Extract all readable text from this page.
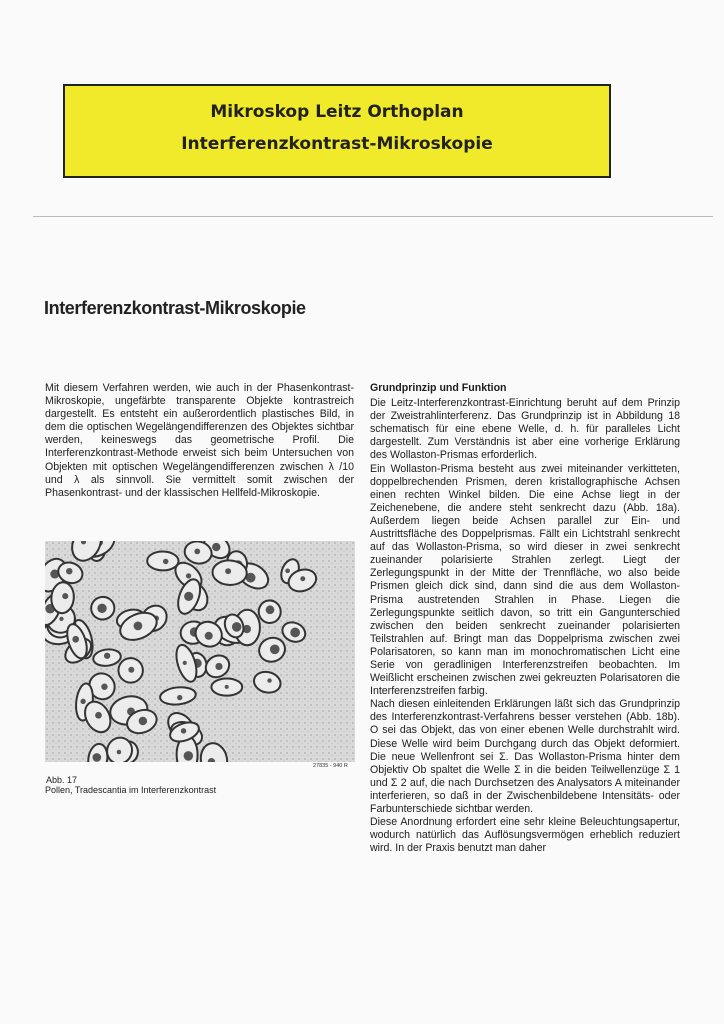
Mikroskop Leitz Orthoplan
Interferenzkontrast-Mikroskopie
Interferenzkontrast-Mikroskopie

Mit diesem Verfahren werden, wie auch in der Phasenkontrast-Mikroskopie, ungefärbte transparente Objekte kontrastreich dargestellt. Es entsteht ein außerordentlich plastisches Bild, in dem die optischen Wegelängendifferenzen des Objektes sichtbar werden, keineswegs das geometrische Profil. Die Interferenzkontrast-Methode erweist sich beim Untersuchen von Objekten mit optischen Wegelängendifferenzen zwischen λ /10 und λ als sinnvoll. Sie vermittelt somit zwischen der Phasenkontrast- und der klassischen Hellfeld-Mikroskopie.

27835 - 940 R
Abb. 17
Pollen, Tradescantia im Interferenzkontrast
Grundprinzip und Funktion

Die Leitz-Interferenzkontrast-Einrichtung beruht auf dem Prinzip der Zweistrahlinterferenz. Das Grundprinzip ist in Abbildung 18 schematisch für eine ebene Welle, d. h. für paralleles Licht dargestellt. Zum Verständnis ist aber eine vorherige Erklärung des Wollaston-Prismas erforderlich.

Ein Wollaston-Prisma besteht aus zwei miteinander verkitteten, doppelbrechenden Prismen, deren kristallographische Achsen einen rechten Winkel bilden. Die eine Achse liegt in der Zeichenebene, die andere steht senkrecht dazu (Abb. 18a). Außerdem liegen beide Achsen parallel zur Ein- und Austrittsfläche des Doppelprismas. Fällt ein Lichtstrahl senkrecht auf das Wollaston-Prisma, so wird dieser in zwei senkrecht zueinander polarisierte Strahlen zerlegt. Liegt der Zerlegungspunkt in der Mitte der Trennfläche, wo also beide Prismen gleich dick sind, dann sind die aus dem Wollaston-Prisma austretenden Strahlen in Phase. Liegen die Zerlegungspunkte seitlich davon, so tritt ein Gangunterschied zwischen den beiden senkrecht zueinander polarisierten Teilstrahlen auf. Bringt man das Doppelprisma zwischen zwei Polarisatoren, so kann man im monochromatischen Licht eine Serie von geradlinigen Interferenzstreifen beobachten. Im Weißlicht erscheinen zwischen zwei gekreuzten Polarisatoren die Interferenzstreifen farbig.

Nach diesen einleitenden Erklärungen läßt sich das Grundprinzip des Interferenzkontrast-Verfahrens besser verstehen (Abb. 18b). O sei das Objekt, das von einer ebenen Welle durchstrahlt wird. Diese Welle wird beim Durchgang durch das Objekt deformiert. Die neue Wellenfront sei Σ. Das Wollaston-Prisma hinter dem Objektiv Ob spaltet die Welle Σ in die beiden Teilwellenzüge Σ 1 und Σ 2 auf, die nach Durchsetzen des Analysators A miteinander interferieren, so daß in der Zwischenbildebene Intensitäts- oder Farbunterschiede sichtbar werden.

Diese Anordnung erfordert eine sehr kleine Beleuchtungsapertur, wodurch natürlich das Auflösungsvermögen erheblich reduziert wird. In der Praxis benutzt man daher
